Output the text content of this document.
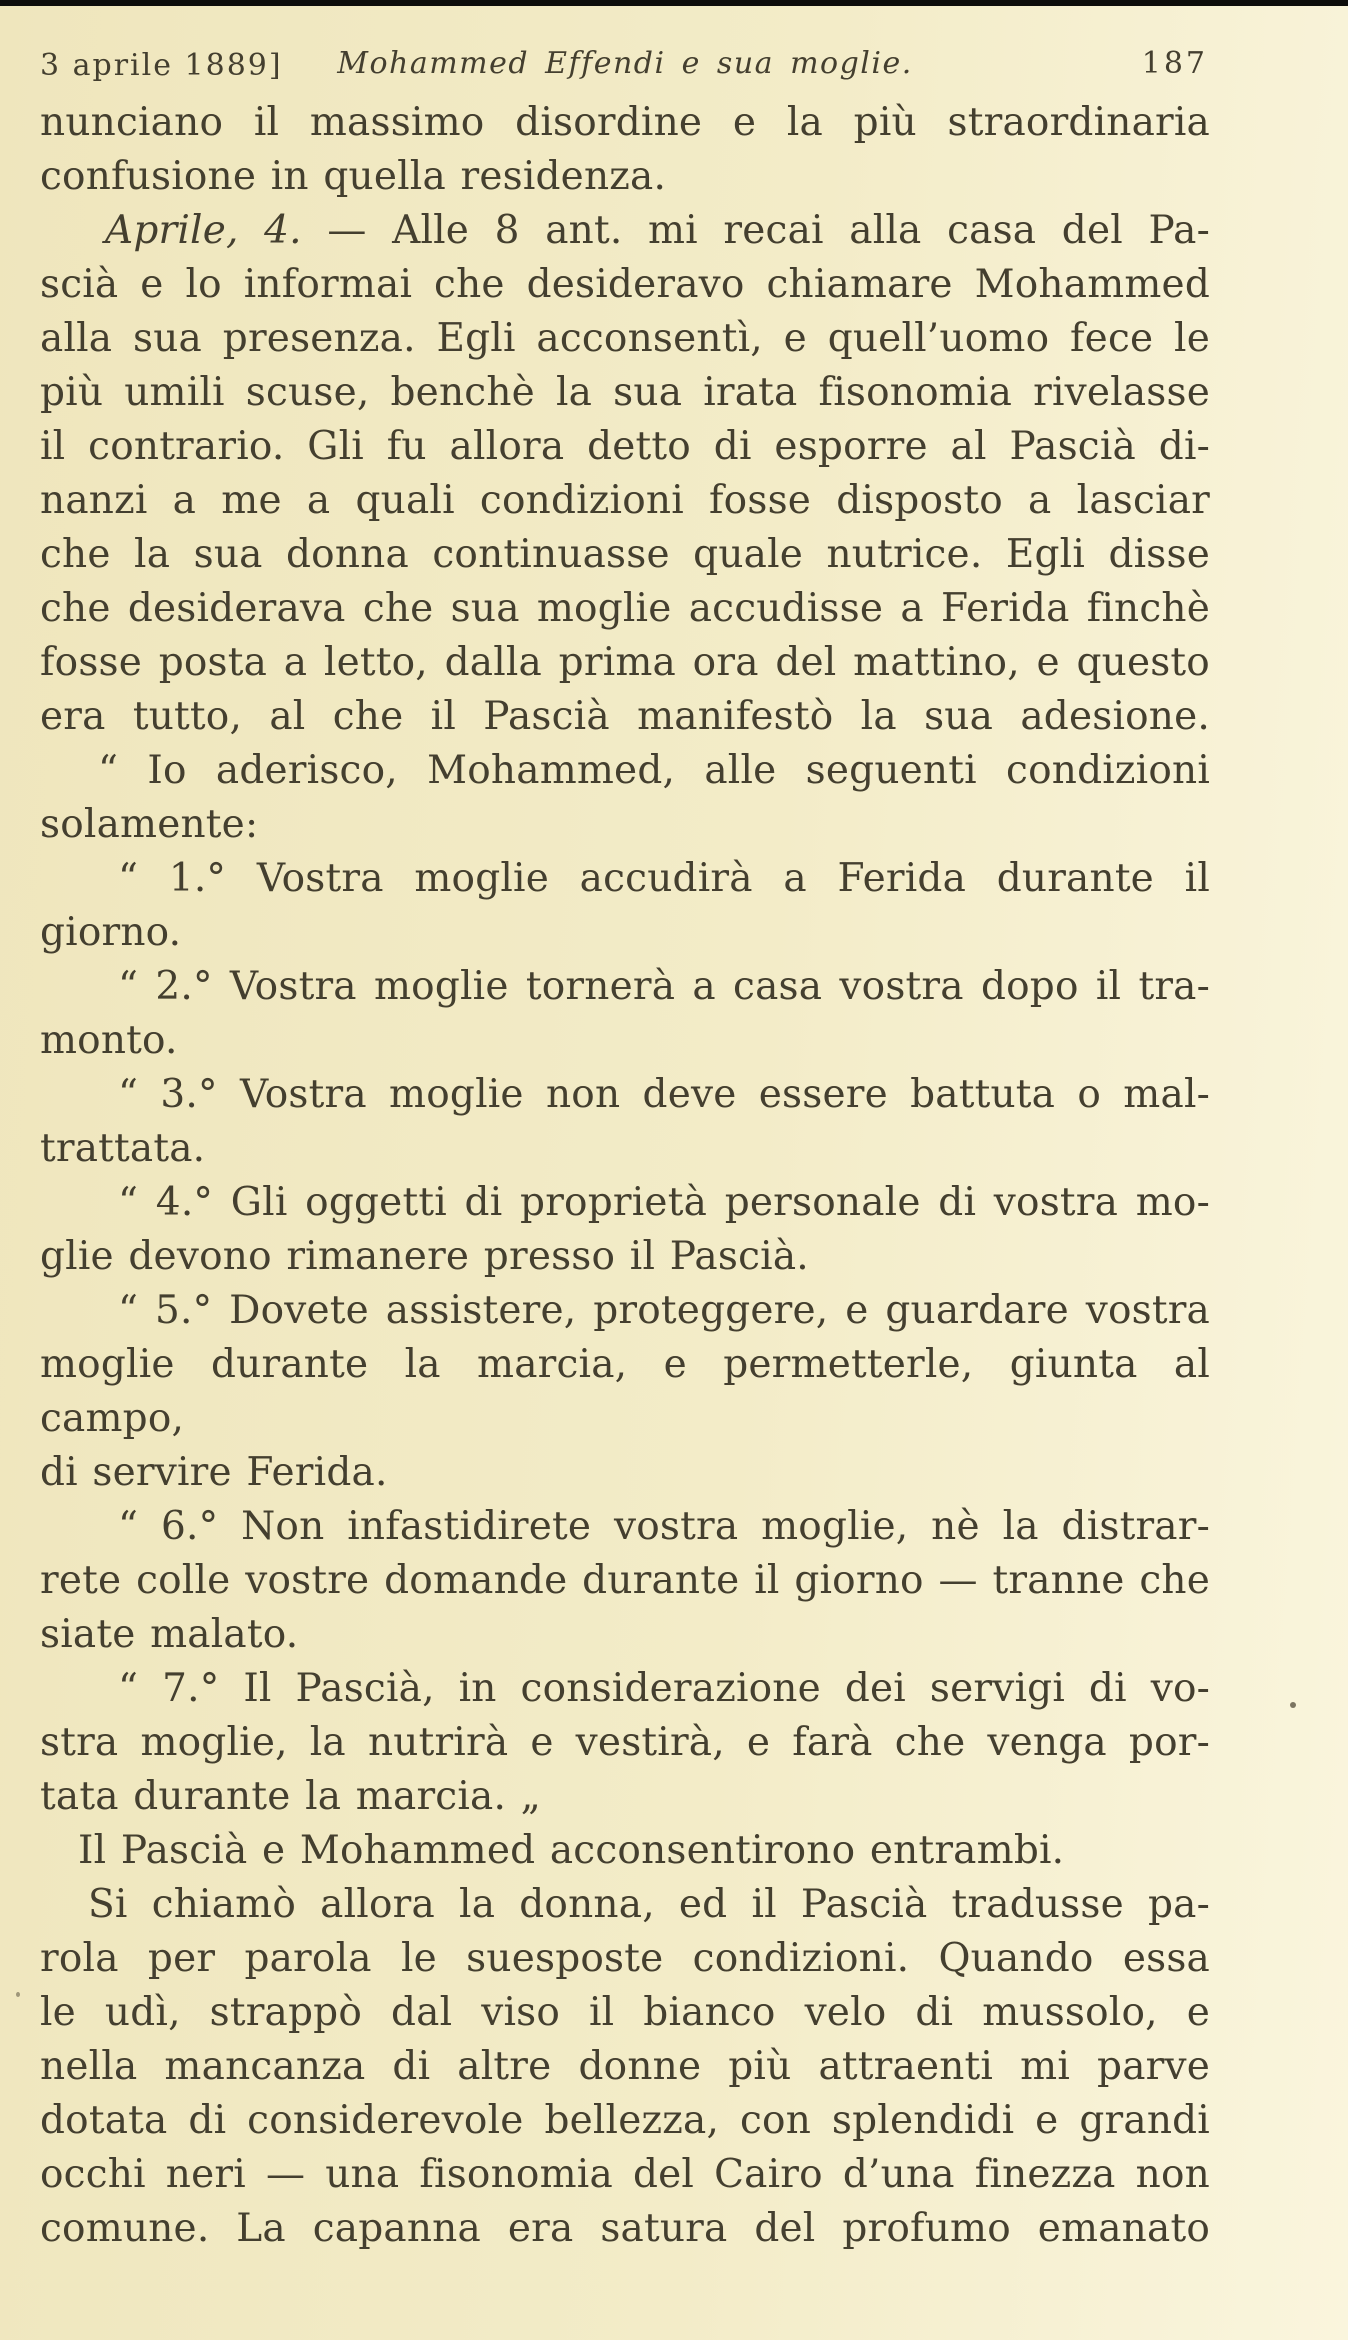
3 aprile 1889] Mohammed Effendi e sua moglie.	187
nunciano il massimo disordine e la più straordinaria
confusione in quella residenza.
Aprile, 4. — Alle 8 ant. mi recai alla casa del Pa-
scià e lo informai che desideravo chiamare Mohammed
alla sua presenza. Egli acconsentì, e quell’uomo fece le
più umili scuse, benchè la sua irata fisonomia rivelasse
il contrario. Gli fu allora detto di esporre al Pascià di-
nanzi a me a quali condizioni fosse disposto a lasciar
che la sua donna continuasse quale nutrice. Egli disse
che desiderava che sua moglie accudisse a Ferida finchè
fosse posta a letto, dalla prima ora del mattino, e questo
era tutto, al che il Pascià manifestò la sua adesione.
“ Io aderisco, Mohammed, alle seguenti condizioni
solamente:
“ 1.° Vostra moglie accudirà a Ferida durante il
giorno.
“ 2.° Vostra moglie tornerà a casa vostra dopo il tra-
monto.
“ 3.° Vostra moglie non deve essere battuta o mal-
trattata.
“ 4.° Gli oggetti di proprietà personale di vostra mo-
glie devono rimanere presso il Pascià.
“ 5.° Dovete assistere, proteggere, e guardare vostra
moglie durante la marcia, e permetterle, giunta al campo,
di servire Ferida.
“ 6.° Non infastidirete vostra moglie, nè la distrar-
rete colle vostre domande durante il giorno — tranne che
siate malato.
“ 7.° Il Pascià, in considerazione dei servigi di vo-
stra moglie, la nutrirà e vestirà, e farà che venga por-
tata durante la marcia. „
Il Pascià e Mohammed acconsentirono entrambi.
Si chiamò allora la donna, ed il Pascià tradusse pa-
rola per parola le suesposte condizioni. Quando essa
le udì, strappò dal viso il bianco velo di mussolo, e
nella mancanza di altre donne più attraenti mi parve
dotata di considerevole bellezza, con splendidi e grandi
occhi neri — una fisonomia del Cairo d’una finezza non
comune. La capanna era satura del profumo emanato
